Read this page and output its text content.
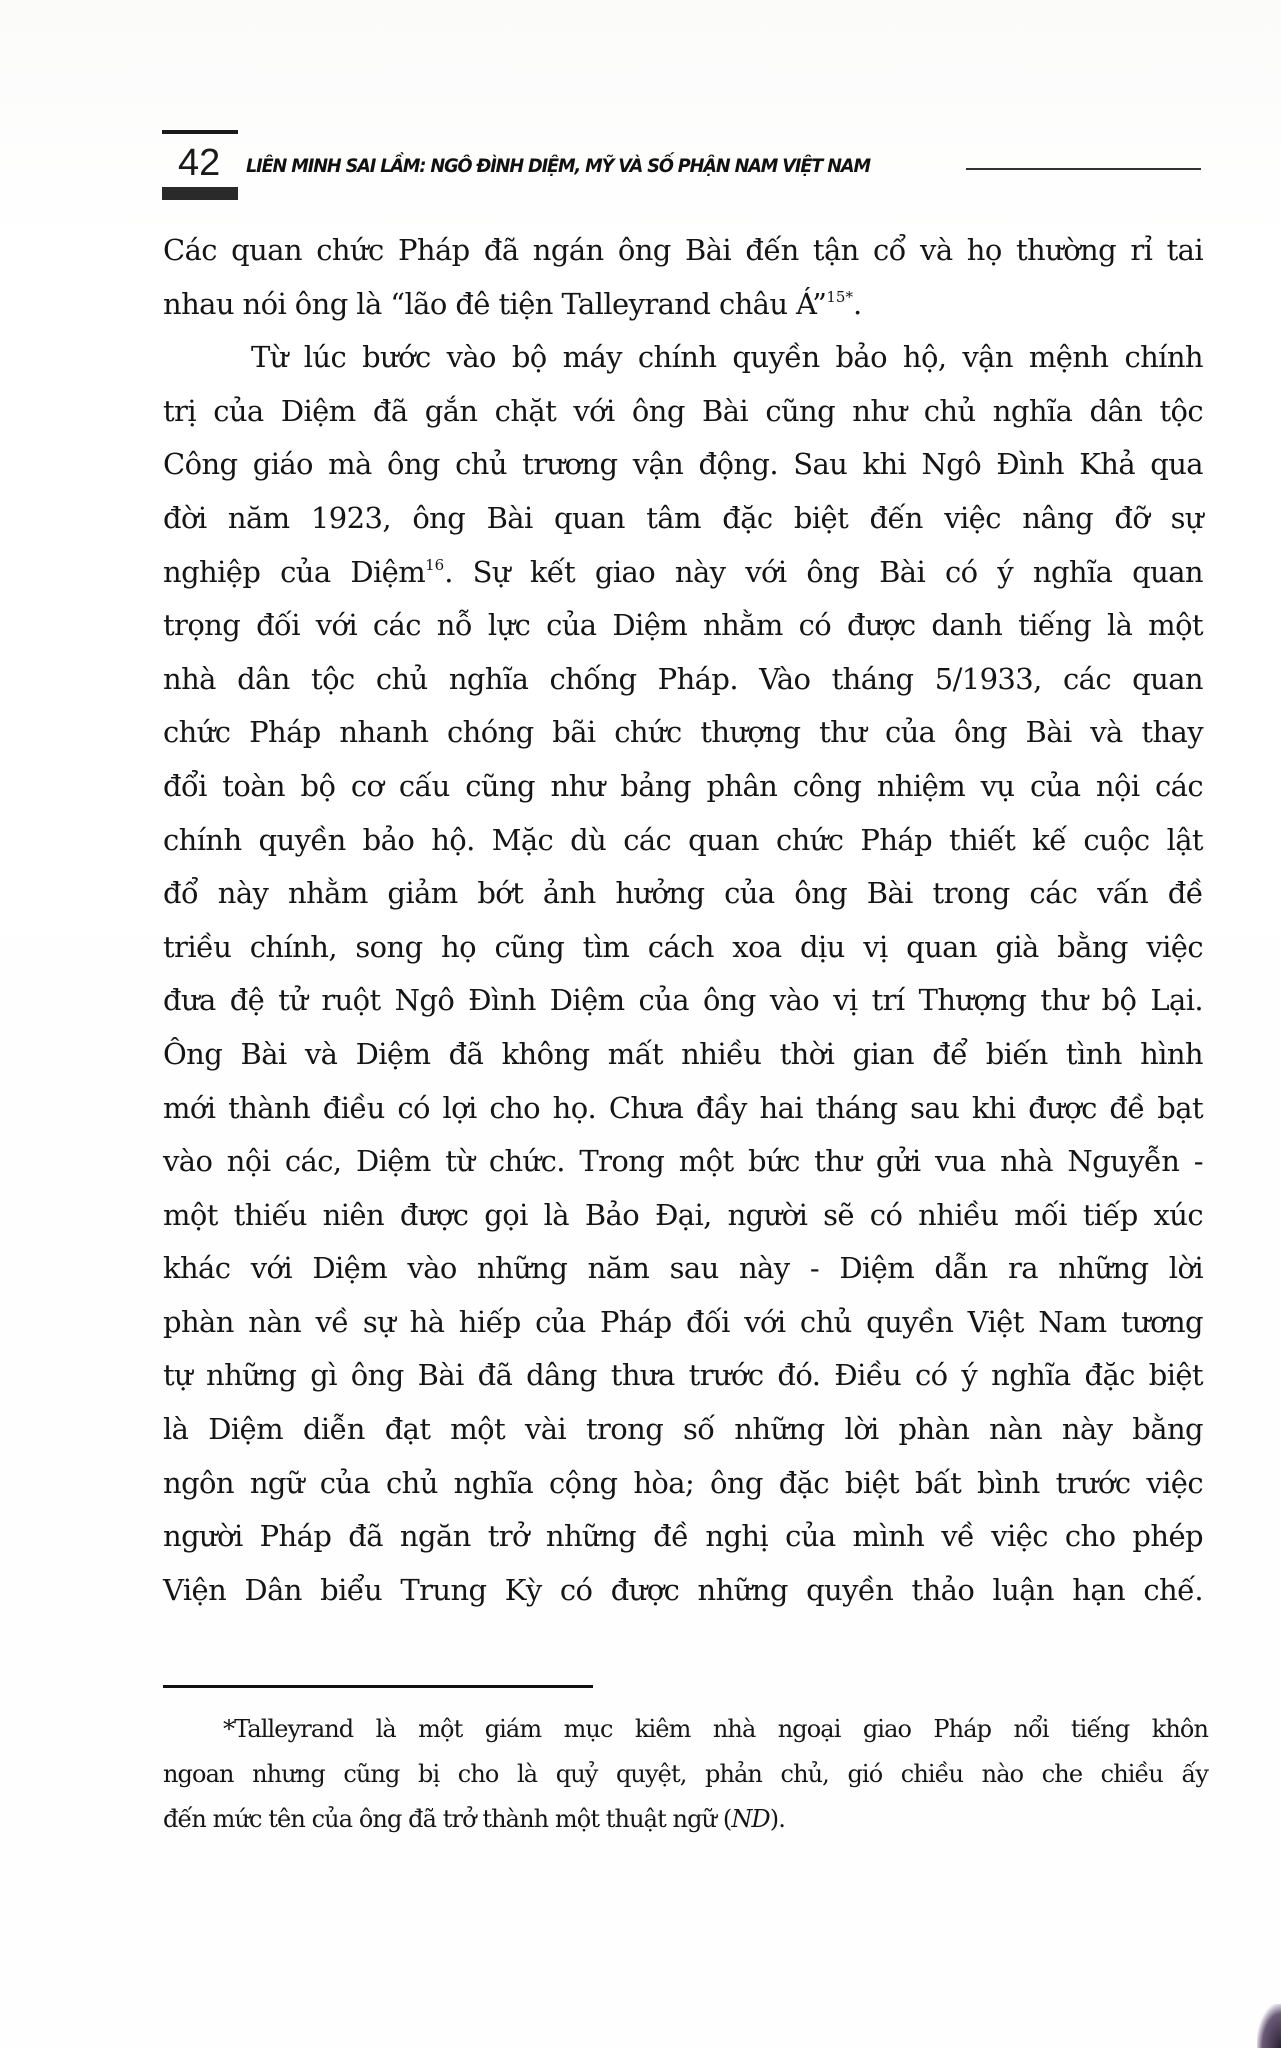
42 LIÊN MINH SAI LẦM: NGÔ ĐÌNH DIỆM, MỸ VÀ SỐ PHẬN NAM VIỆT NAM
Các quan chức Pháp đã ngán ông Bài đến tận cổ và họ thường rỉ tai
nhau nói ông là “lão đê tiện Talleyrand châu Á”$^{15*}$.
Từ lúc bước vào bộ máy chính quyền bảo hộ, vận mệnh chính
trị của Diệm đã gắn chặt với ông Bài cũng như chủ nghĩa dân tộc
Công giáo mà ông chủ trương vận động. Sau khi Ngô Đình Khả qua
đời năm 1923, ông Bài quan tâm đặc biệt đến việc nâng đỡ sự
nghiệp của Diệm$^{16}$. Sự kết giao này với ông Bài có ý nghĩa quan
trọng đối với các nỗ lực của Diệm nhằm có được danh tiếng là một
nhà dân tộc chủ nghĩa chống Pháp. Vào tháng 5/1933, các quan
chức Pháp nhanh chóng bãi chức thượng thư của ông Bài và thay
đổi toàn bộ cơ cấu cũng như bảng phân công nhiệm vụ của nội các
chính quyền bảo hộ. Mặc dù các quan chức Pháp thiết kế cuộc lật
đổ này nhằm giảm bớt ảnh hưởng của ông Bài trong các vấn đề
triều chính, song họ cũng tìm cách xoa dịu vị quan già bằng việc
đưa đệ tử ruột Ngô Đình Diệm của ông vào vị trí Thượng thư bộ Lại.
Ông Bài và Diệm đã không mất nhiều thời gian để biến tình hình
mới thành điều có lợi cho họ. Chưa đầy hai tháng sau khi được đề bạt
vào nội các, Diệm từ chức. Trong một bức thư gửi vua nhà Nguyễn -
một thiếu niên được gọi là Bảo Đại, người sẽ có nhiều mối tiếp xúc
khác với Diệm vào những năm sau này - Diệm dẫn ra những lời
phàn nàn về sự hà hiếp của Pháp đối với chủ quyền Việt Nam tương
tự những gì ông Bài đã dâng thưa trước đó. Điều có ý nghĩa đặc biệt
là Diệm diễn đạt một vài trong số những lời phàn nàn này bằng
ngôn ngữ của chủ nghĩa cộng hòa; ông đặc biệt bất bình trước việc
người Pháp đã ngăn trở những đề nghị của mình về việc cho phép
Viện Dân biểu Trung Kỳ có được những quyền thảo luận hạn chế.
*Talleyrand là một giám mục kiêm nhà ngoại giao Pháp nổi tiếng khôn
ngoan nhưng cũng bị cho là quỷ quyệt, phản chủ, gió chiều nào che chiều ấy
đến mức tên của ông đã trở thành một thuật ngữ (ND).
